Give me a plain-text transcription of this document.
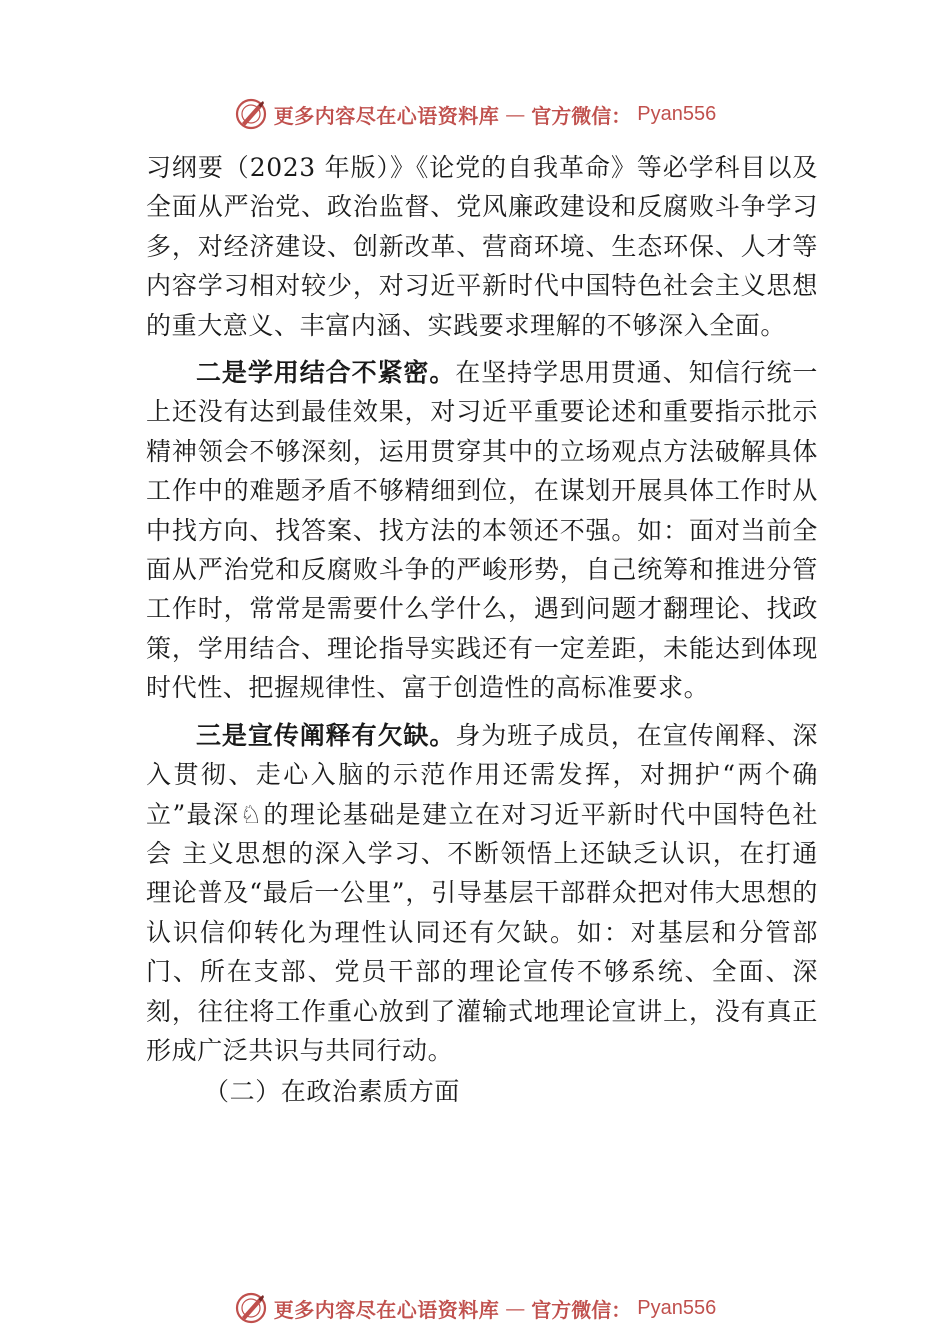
更多内容尽在心语资料库 — 官方微信： Pyan556

习纲要（2023 年版）》《论党的自我革命》等必学科目以及全面从严治党、政治监督、党风廉政建设和反腐败斗争学习多，对经济建设、创新改革、营商环境、生态环保、人才等内容学习相对较少，对习近平新时代中国特色社会主义思想的重大意义、丰富内涵、实践要求理解的不够深入全面。

二是学用结合不紧密。在坚持学思用贯通、知信行统一上还没有达到最佳效果，对习近平重要论述和重要指示批示精神领会不够深刻，运用贯穿其中的立场观点方法破解具体工作中的难题矛盾不够精细到位，在谋划开展具体工作时从中找方向、找答案、找方法的本领还不强。如：面对当前全面从严治党和反腐败斗争的严峻形势，自己统筹和推进分管工作时，常常是需要什么学什么，遇到问题才翻理论、找政策，学用结合、理论指导实践还有一定差距，未能达到体现时代性、把握规律性、富于创造性的高标准要求。

三是宣传阐释有欠缺。身为班子成员，在宣传阐释、深入贯彻、走心入脑的示范作用还需发挥，对拥护“两个确立”最深♘的理论基础是建立在对习近平新时代中国特色社会 主义思想的深入学习、不断领悟上还缺乏认识，在打通理论普及“最后一公里”，引导基层干部群众把对伟大思想的认识信仰转化为理性认同还有欠缺。如：对基层和分管部门、所在支部、党员干部的理论宣传不够系统、全面、深刻，往往将工作重心放到了灌输式地理论宣讲上，没有真正形成广泛共识与共同行动。

（二）在政治素质方面

更多内容尽在心语资料库 — 官方微信： Pyan556
